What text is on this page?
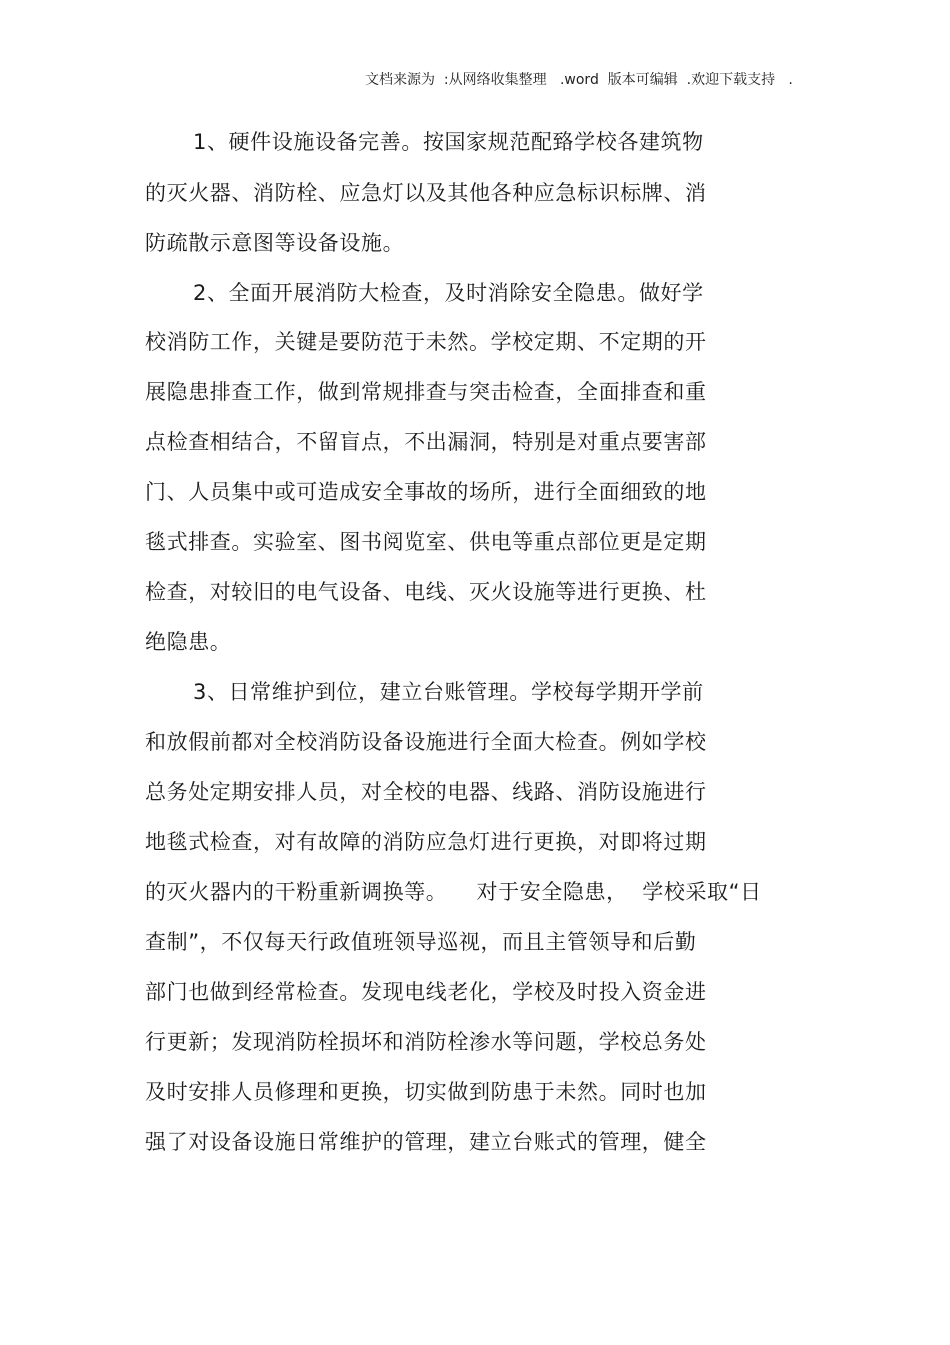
文档来源为  :从网络收集整理   .word  版本可编辑  .欢迎下载支持   .
1、硬件设施设备完善。按国家规范配臵学校各建筑物
的灭火器、消防栓、应急灯以及其他各种应急标识标牌、消
防疏散示意图等设备设施。
2、全面开展消防大检查，及时消除安全隐患。做好学
校消防工作，关键是要防范于未然。学校定期、不定期的开
展隐患排查工作，做到常规排查与突击检查，全面排查和重
点检查相结合，不留盲点，不出漏洞，特别是对重点要害部
门、人员集中或可造成安全事故的场所，进行全面细致的地
毯式排查。实验室、图书阅览室、供电等重点部位更是定期
检查，对较旧的电气设备、电线、灭火设施等进行更换、杜
绝隐患。
3、日常维护到位，建立台账管理。学校每学期开学前
和放假前都对全校消防设备设施进行全面大检查。例如学校
总务处定期安排人员，对全校的电器、线路、消防设施进行
地毯式检查，对有故障的消防应急灯进行更换，对即将过期
的灭火器内的干粉重新调换等。    对于安全隐患，  学校采取“日
查制”，不仅每天行政值班领导巡视，而且主管领导和后勤
部门也做到经常检查。发现电线老化，学校及时投入资金进
行更新；发现消防栓损坏和消防栓渗水等问题，学校总务处
及时安排人员修理和更换，切实做到防患于未然。同时也加
强了对设备设施日常维护的管理，建立台账式的管理，健全
